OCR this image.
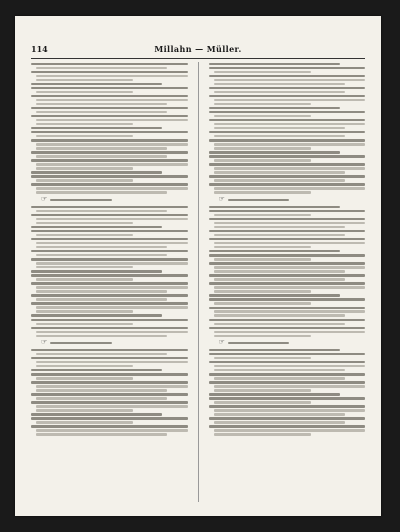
114	Millahn — Müller.
☞
☞
☞
☞
